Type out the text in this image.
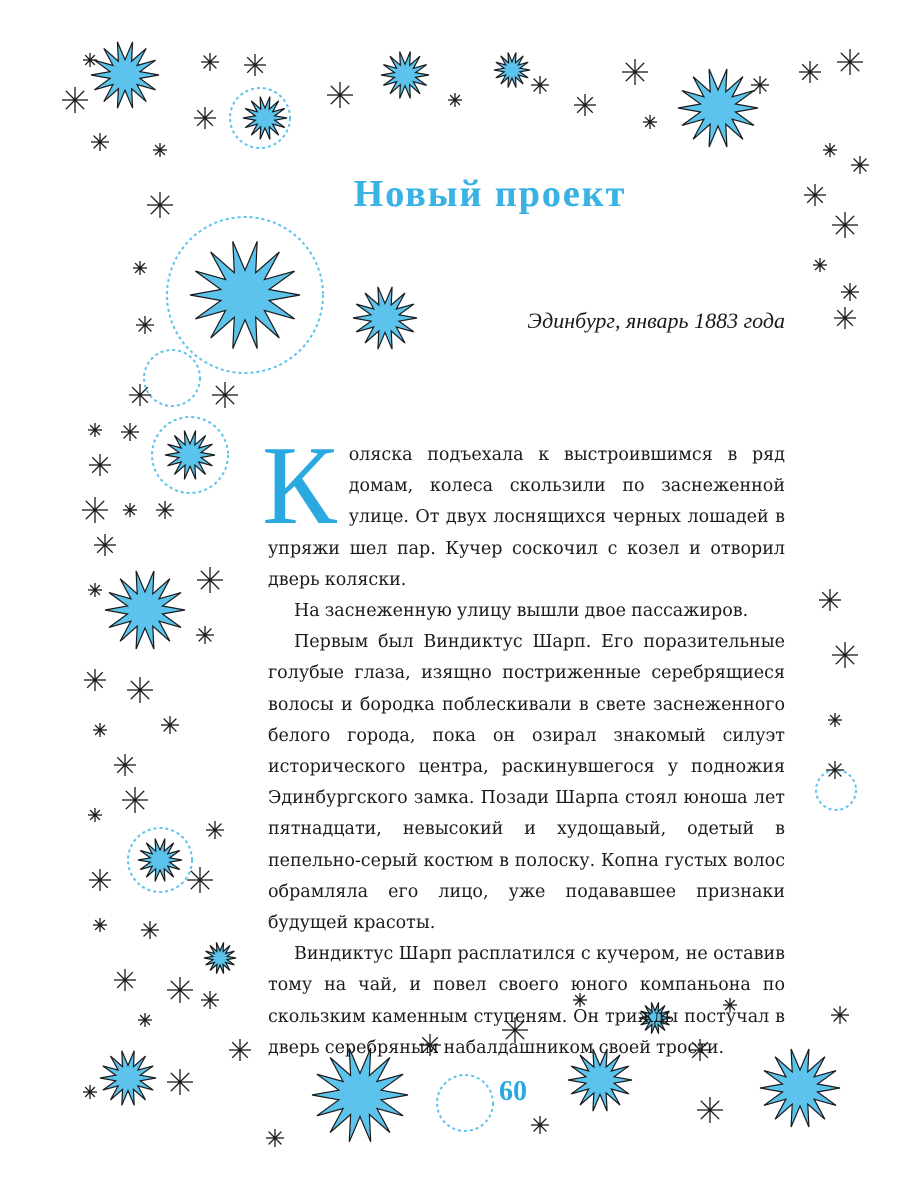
Новый проект
Эдинбург, январь 1883 года

Коляска подъехала к выстроившимся в ряд домам, колеса скользили по заснеженной улице. От двух лоснящихся черных лошадей в упряжи шел пар. Кучер соскочил с козел и отворил дверь коляски.

На заснеженную улицу вышли двое пассажиров.

Первым был Виндиктус Шарп. Его поразительные голубые глаза, изящно постриженные серебрящиеся волосы и бородка поблескивали в свете заснеженного белого города, пока он озирал знакомый силуэт исторического центра, раскинувшегося у подножия Эдинбургского замка. Позади Шарпа стоял юноша лет пятнадцати, невысокий и худощавый, одетый в пепельно-серый костюм в полоску. Копна густых волос обрамляла его лицо, уже подававшее признаки будущей красоты.

Виндиктус Шарп расплатился с кучером, не оставив тому на чай, и повел своего юного компаньона по скользким каменным ступеням. Он трижды постучал в дверь серебряным набалдашником своей трости.

60
